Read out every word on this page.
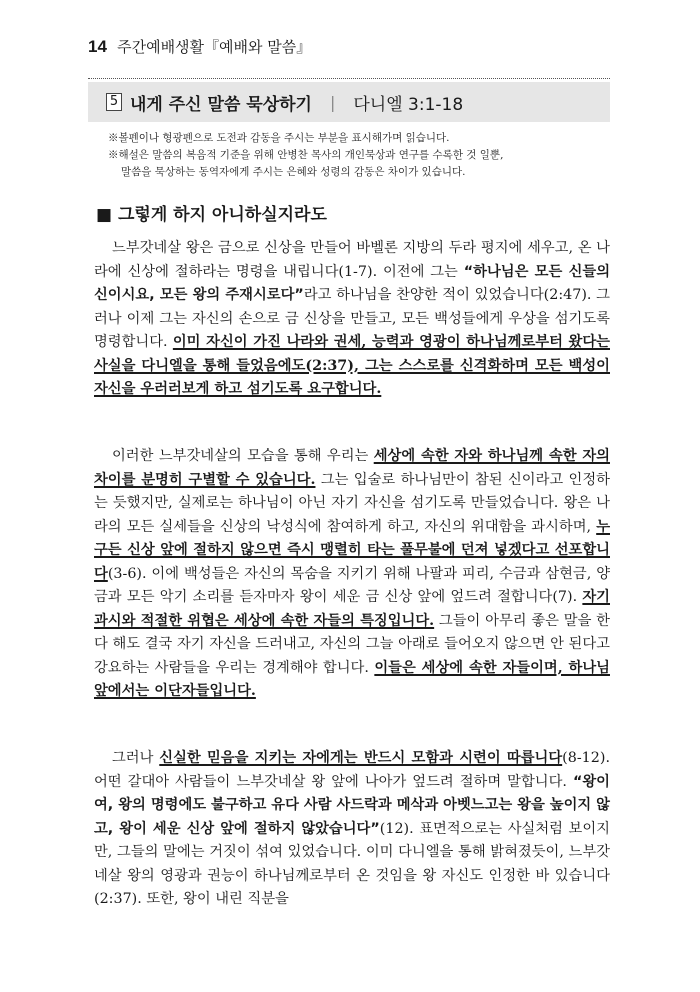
14 주간예배생활『예배와 말씀』
5 내게 주신 말씀 묵상하기 | 다니엘 3:1-18
※볼펜이나 형광펜으로 도전과 감동을 주시는 부분을 표시해가며 읽습니다.
※해설은 말씀의 복음적 기준을 위해 안병찬 목사의 개인묵상과 연구를 수록한 것 일뿐,
말씀을 묵상하는 동역자에게 주시는 은혜와 성령의 감동은 차이가 있습니다.
■ 그렇게 하지 아니하실지라도

느부갓네살 왕은 금으로 신상을 만들어 바벨론 지방의 두라 평지에 세우고, 온 나라에 신상에 절하라는 명령을 내립니다(1-7). 이전에 그는 “하나님은 모든 신들의 신이시요, 모든 왕의 주재시로다”라고 하나님을 찬양한 적이 있었습니다(2:47). 그러나 이제 그는 자신의 손으로 금 신상을 만들고, 모든 백성들에게 우상을 섬기도록 명령합니다. 이미 자신이 가진 나라와 권세, 능력과 영광이 하나님께로부터 왔다는 사실을 다니엘을 통해 들었음에도(2:37), 그는 스스로를 신격화하며 모든 백성이 자신을 우러러보게 하고 섬기도록 요구합니다.

이러한 느부갓네살의 모습을 통해 우리는 세상에 속한 자와 하나님께 속한 자의 차이를 분명히 구별할 수 있습니다. 그는 입술로 하나님만이 참된 신이라고 인정하는 듯했지만, 실제로는 하나님이 아닌 자기 자신을 섬기도록 만들었습니다. 왕은 나라의 모든 실세들을 신상의 낙성식에 참여하게 하고, 자신의 위대함을 과시하며, 누구든 신상 앞에 절하지 않으면 즉시 맹렬히 타는 풀무불에 던져 넣겠다고 선포합니다(3-6). 이에 백성들은 자신의 목숨을 지키기 위해 나팔과 피리, 수금과 삼현금, 양금과 모든 악기 소리를 듣자마자 왕이 세운 금 신상 앞에 엎드려 절합니다(7). 자기 과시와 적절한 위협은 세상에 속한 자들의 특징입니다. 그들이 아무리 좋은 말을 한다 해도 결국 자기 자신을 드러내고, 자신의 그늘 아래로 들어오지 않으면 안 된다고 강요하는 사람들을 우리는 경계해야 합니다. 이들은 세상에 속한 자들이며, 하나님 앞에서는 이단자들입니다.

그러나 신실한 믿음을 지키는 자에게는 반드시 모함과 시련이 따릅니다(8-12). 어떤 갈대아 사람들이 느부갓네살 왕 앞에 나아가 엎드려 절하며 말합니다. “왕이여, 왕의 명령에도 불구하고 유다 사람 사드락과 메삭과 아벳느고는 왕을 높이지 않고, 왕이 세운 신상 앞에 절하지 않았습니다”(12). 표면적으로는 사실처럼 보이지만, 그들의 말에는 거짓이 섞여 있었습니다. 이미 다니엘을 통해 밝혀졌듯이, 느부갓네살 왕의 영광과 권능이 하나님께로부터 온 것임을 왕 자신도 인정한 바 있습니다(2:37). 또한, 왕이 내린 직분을
